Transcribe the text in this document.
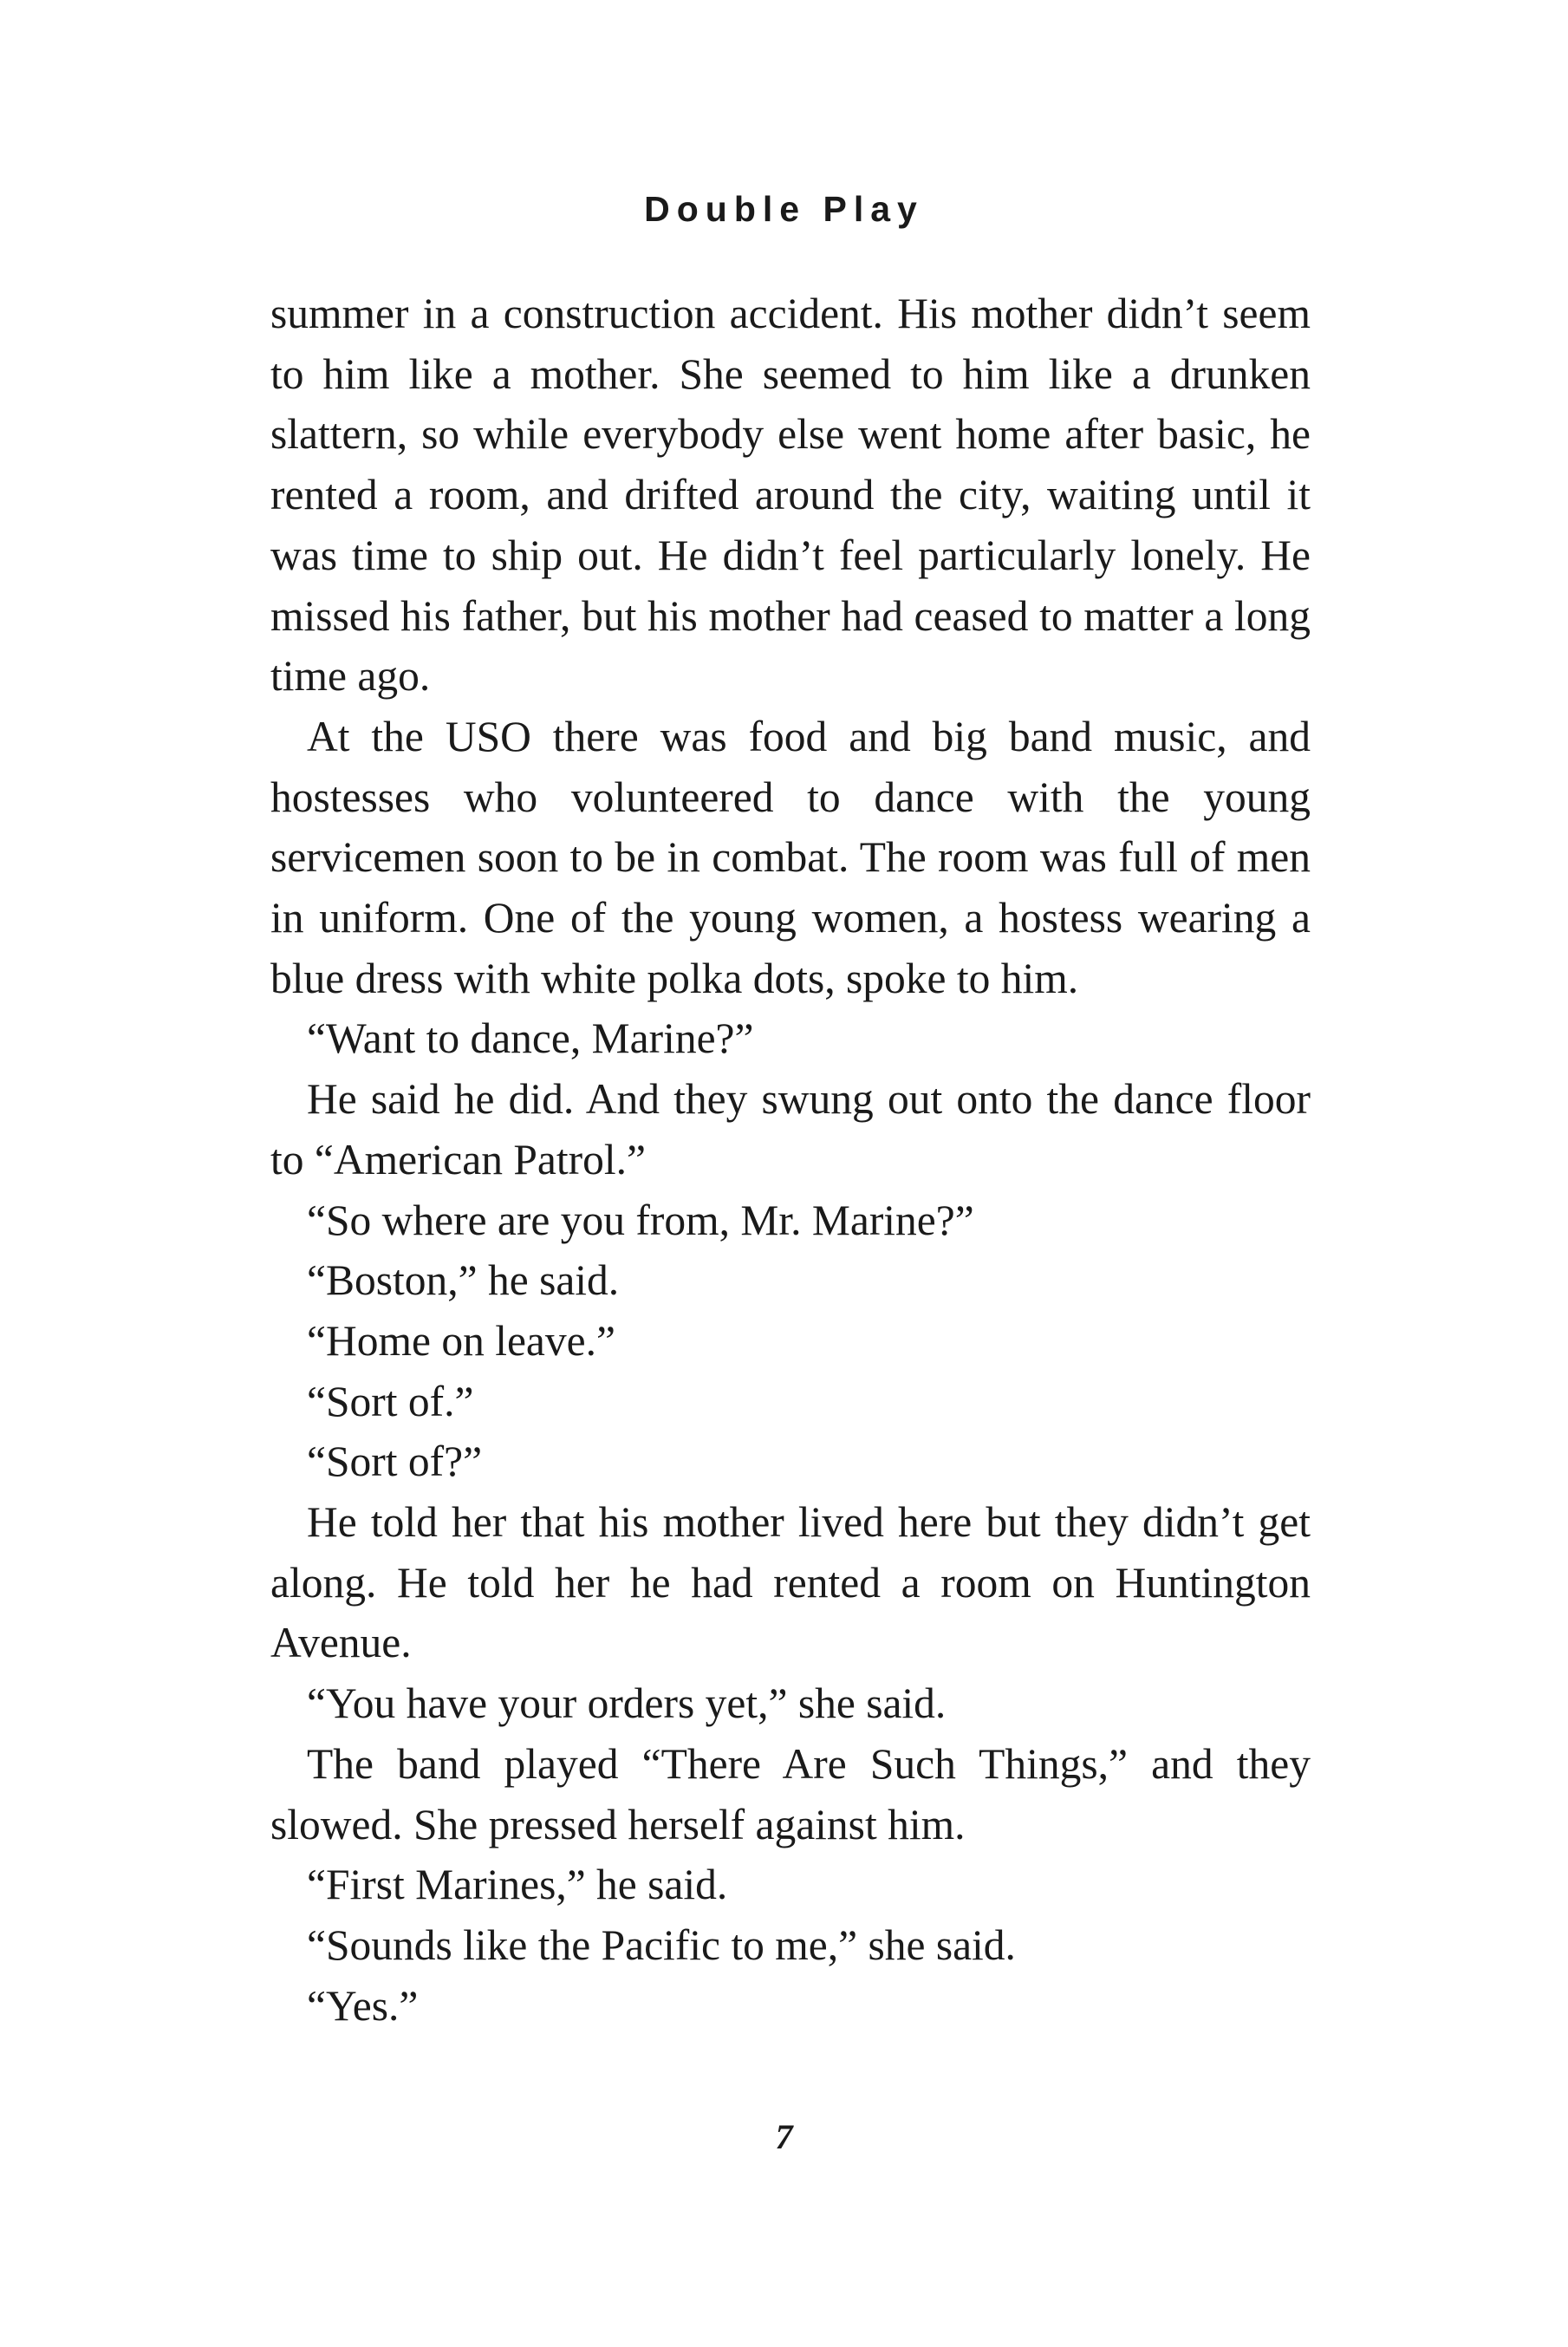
Double Play

summer in a construction accident. His mother didn’t seem to him like a mother. She seemed to him like a drunken slattern, so while everybody else went home after basic, he rented a room, and drifted around the city, waiting until it was time to ship out. He didn’t feel particularly lonely. He missed his father, but his mother had ceased to matter a long time ago.

At the USO there was food and big band music, and hostesses who volunteered to dance with the young servicemen soon to be in combat. The room was full of men in uniform. One of the young women, a hostess wearing a blue dress with white polka dots, spoke to him.

“Want to dance, Marine?”

He said he did. And they swung out onto the dance floor to “American Patrol.”

“So where are you from, Mr. Marine?”

“Boston,” he said.

“Home on leave.”

“Sort of.”

“Sort of?”

He told her that his mother lived here but they didn’t get along. He told her he had rented a room on Huntington Avenue.

“You have your orders yet,” she said.

The band played “There Are Such Things,” and they slowed. She pressed herself against him.

“First Marines,” he said.

“Sounds like the Pacific to me,” she said.

“Yes.”

7
